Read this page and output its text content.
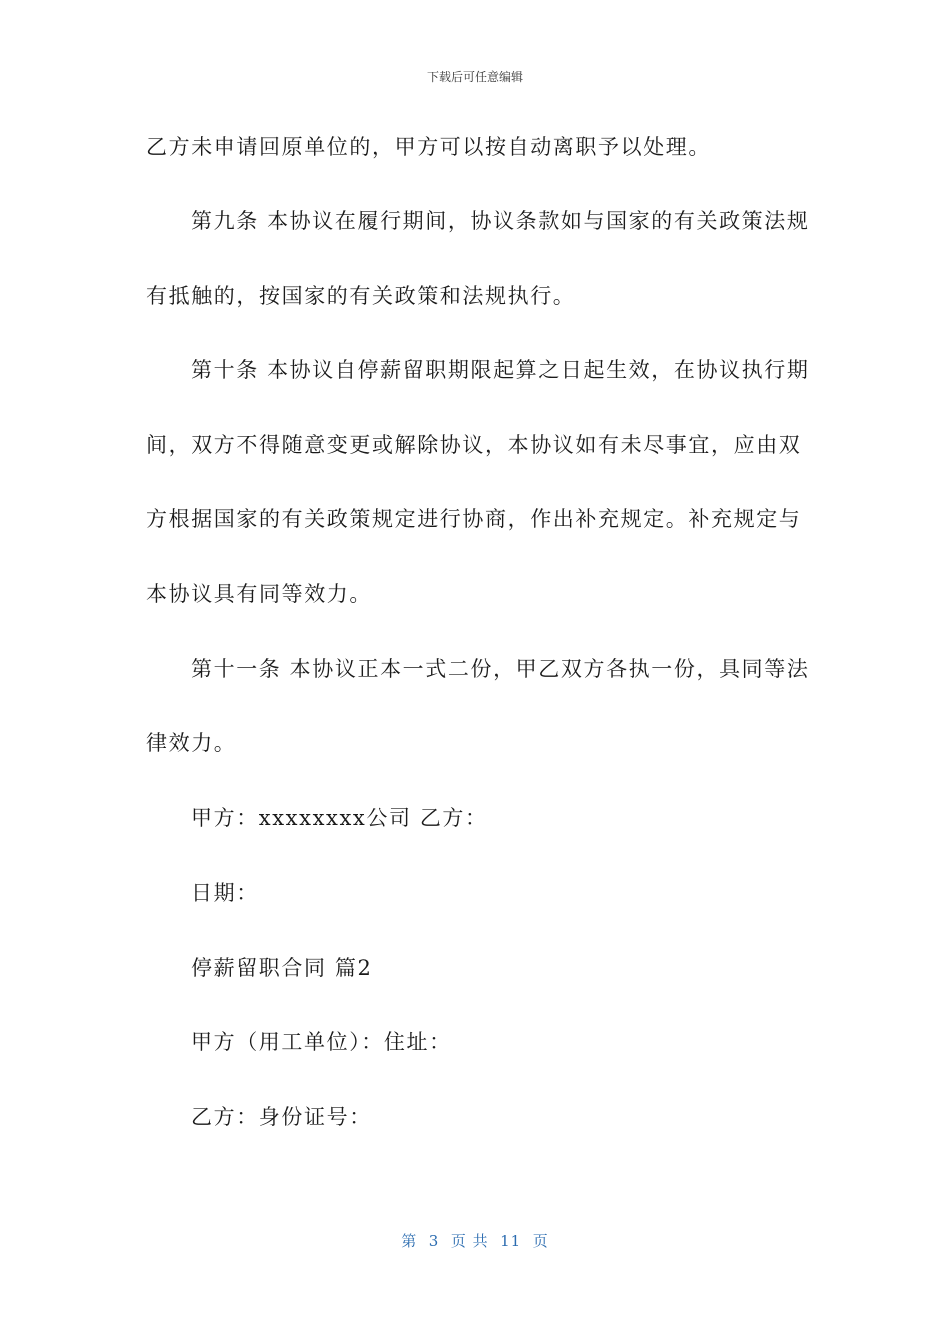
下载后可任意编辑
乙方未申请回原单位的，甲方可以按自动离职予以处理。
第九条 本协议在履行期间，协议条款如与国家的有关政策法规
有抵触的，按国家的有关政策和法规执行。
第十条 本协议自停薪留职期限起算之日起生效，在协议执行期
间，双方不得随意变更或解除协议，本协议如有未尽事宜，应由双
方根据国家的有关政策规定进行协商，作出补充规定。补充规定与
本协议具有同等效力。
第十一条 本协议正本一式二份，甲乙双方各执一份，具同等法
律效力。
甲方：xxxxxxxx公司 乙方：
日期：
停薪留职合同 篇2
甲方（用工单位）：住址：
乙方：身份证号：
第  3  页 共  11  页
